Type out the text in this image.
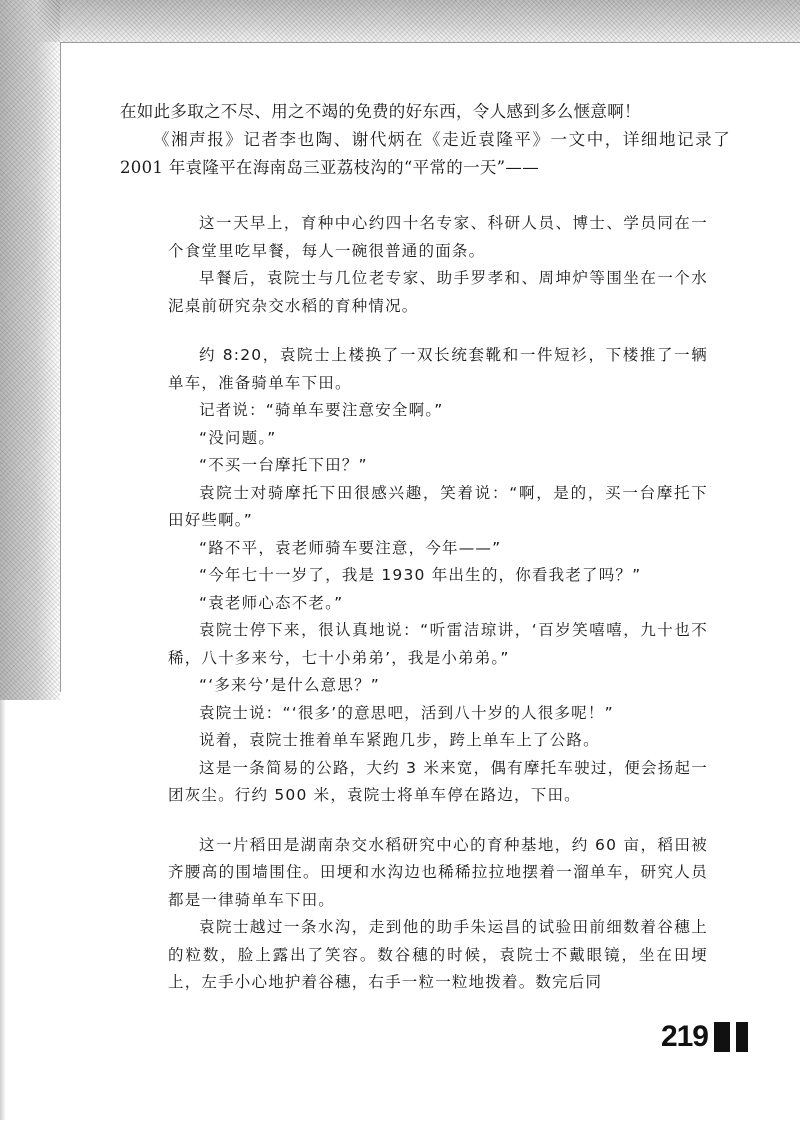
在如此多取之不尽、用之不竭的免费的好东西，令人感到多么惬意啊！

《湘声报》记者李也陶、谢代炳在《走近袁隆平》一文中，详细地记录了 2001 年袁隆平在海南岛三亚荔枝沟的“平常的一天”——

这一天早上，育种中心约四十名专家、科研人员、博士、学员同在一个食堂里吃早餐，每人一碗很普通的面条。

早餐后，袁院士与几位老专家、助手罗孝和、周坤炉等围坐在一个水泥桌前研究杂交水稻的育种情况。

约 8:20，袁院士上楼换了一双长统套靴和一件短衫，下楼推了一辆单车，准备骑单车下田。

记者说：“骑单车要注意安全啊。”

“没问题。”

“不买一台摩托下田？”

袁院士对骑摩托下田很感兴趣，笑着说：“啊，是的，买一台摩托下田好些啊。”

“路不平，袁老师骑车要注意，今年——”

“今年七十一岁了，我是 1930 年出生的，你看我老了吗？”

“袁老师心态不老。”

袁院士停下来，很认真地说：“听雷洁琼讲，‘百岁笑嘻嘻，九十也不稀，八十多来兮，七十小弟弟’，我是小弟弟。”

“‘多来兮’是什么意思？”

袁院士说：“‘很多’的意思吧，活到八十岁的人很多呢！”

说着，袁院士推着单车紧跑几步，跨上单车上了公路。

这是一条简易的公路，大约 3 米来宽，偶有摩托车驶过，便会扬起一团灰尘。行约 500 米，袁院士将单车停在路边，下田。

这一片稻田是湖南杂交水稻研究中心的育种基地，约 60 亩，稻田被齐腰高的围墙围住。田埂和水沟边也稀稀拉拉地摆着一溜单车，研究人员都是一律骑单车下田。

袁院士越过一条水沟，走到他的助手朱运昌的试验田前细数着谷穗上的粒数，脸上露出了笑容。数谷穗的时候，袁院士不戴眼镜，坐在田埂上，左手小心地护着谷穗，右手一粒一粒地拨着。数完后同

219
